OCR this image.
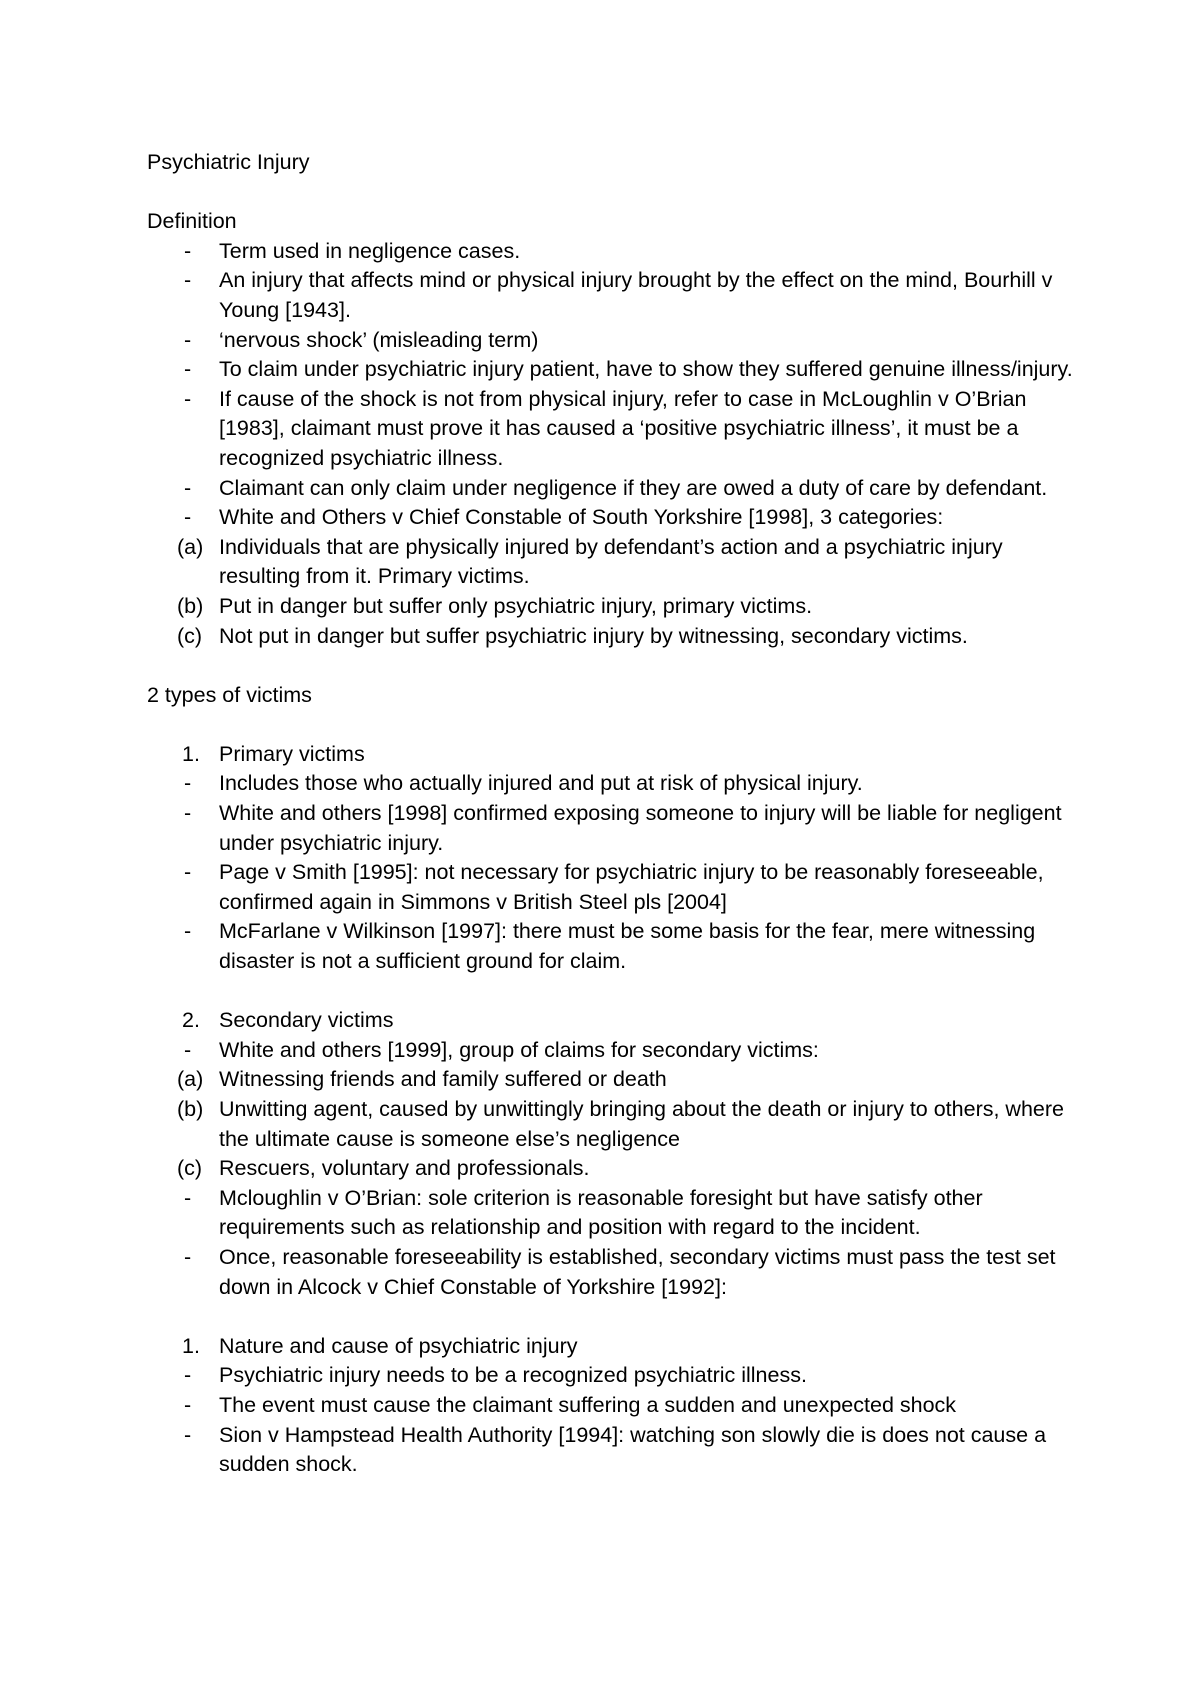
Psychiatric Injury

Definition

-	Term used in negligence cases.
-	An injury that affects mind or physical injury brought by the effect on the mind, Bourhill v Young [1943].
-	‘nervous shock’ (misleading term)
-	To claim under psychiatric injury patient, have to show they suffered genuine illness/injury.
-	If cause of the shock is not from physical injury, refer to case in McLoughlin v O’Brian [1983], claimant must prove it has caused a ‘positive psychiatric illness’, it must be a recognized psychiatric illness.
-	Claimant can only claim under negligence if they are owed a duty of care by defendant.
-	White and Others v Chief Constable of South Yorkshire [1998], 3 categories:
(a) Individuals that are physically injured by defendant’s action and a psychiatric injury resulting from it. Primary victims.
(b) Put in danger but suffer only psychiatric injury, primary victims.
(c) Not put in danger but suffer psychiatric injury by witnessing, secondary victims.

2 types of victims

1. Primary victims
-	Includes those who actually injured and put at risk of physical injury.
-	White and others [1998] confirmed exposing someone to injury will be liable for negligent under psychiatric injury.
-	Page v Smith [1995]: not necessary for psychiatric injury to be reasonably foreseeable, confirmed again in Simmons v British Steel pls [2004]
-	McFarlane v Wilkinson [1997]: there must be some basis for the fear, mere witnessing disaster is not a sufficient ground for claim.
2. Secondary victims
-	White and others [1999], group of claims for secondary victims:
(a) Witnessing friends and family suffered or death
(b) Unwitting agent, caused by unwittingly bringing about the death or injury to others, where the ultimate cause is someone else’s negligence
(c) Rescuers, voluntary and professionals.
-	Mcloughlin v O’Brian: sole criterion is reasonable foresight but have satisfy other requirements such as relationship and position with regard to the incident.
-	Once, reasonable foreseeability is established, secondary victims must pass the test set down in Alcock v Chief Constable of Yorkshire [1992]:
1. Nature and cause of psychiatric injury
-	Psychiatric injury needs to be a recognized psychiatric illness.
-	The event must cause the claimant suffering a sudden and unexpected shock
-	Sion v Hampstead Health Authority [1994]: watching son slowly die is does not cause a sudden shock.
